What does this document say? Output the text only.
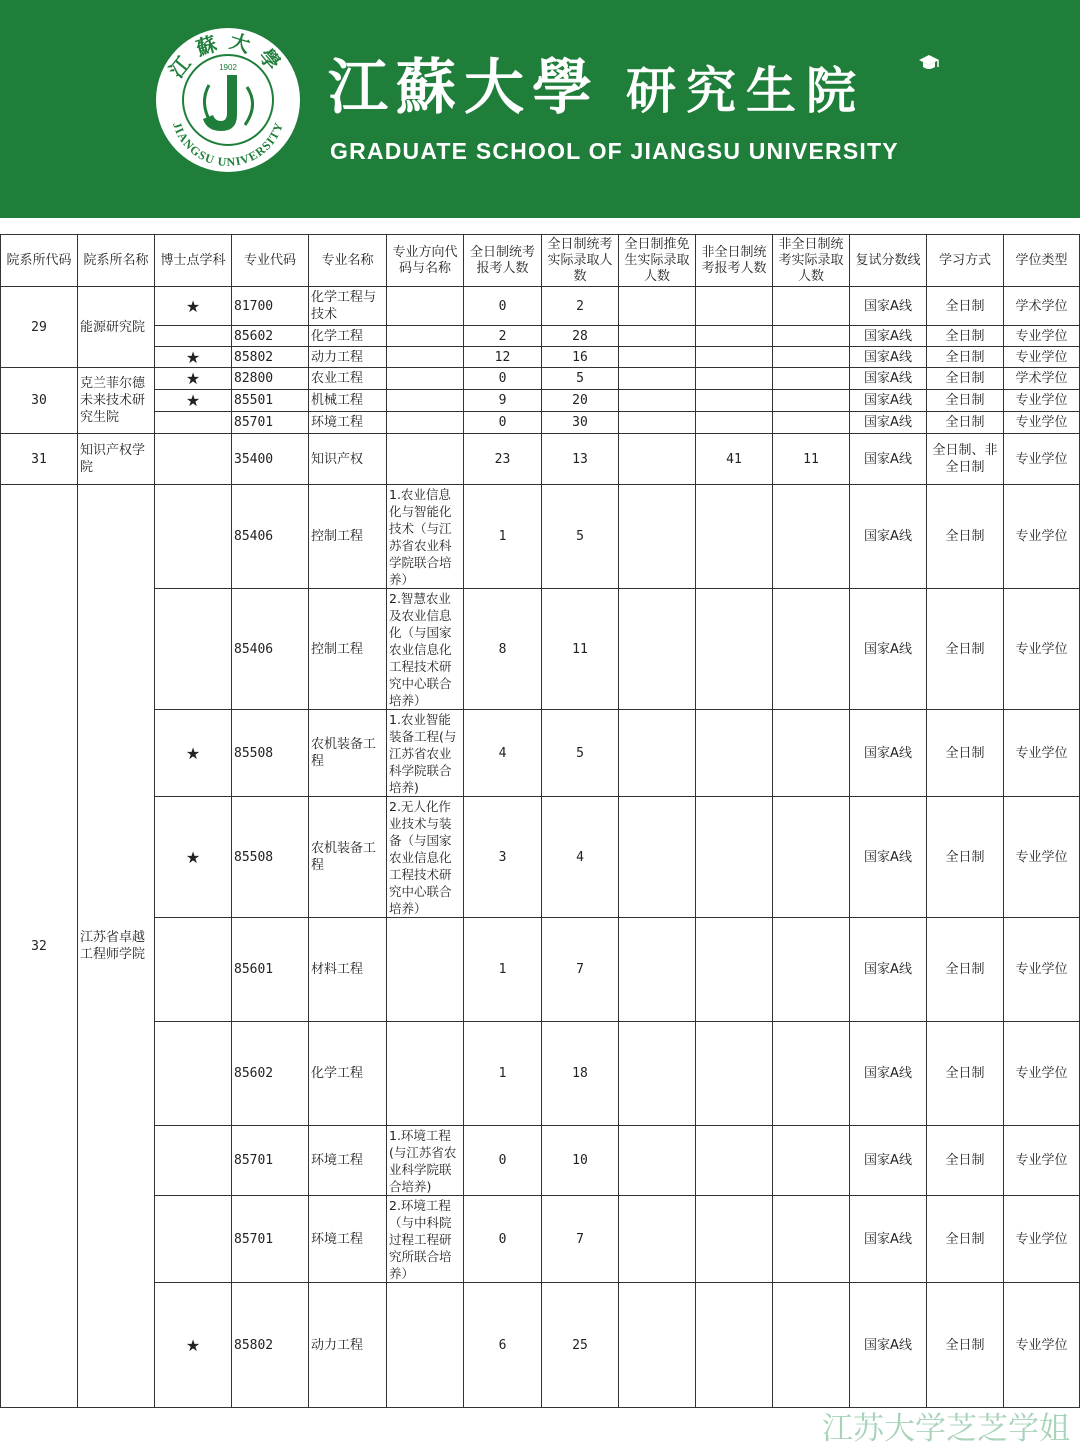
江蘇大學
JIANGSU UNIVERSITY
1902 江蘇大學 研究生院
GRADUATE SCHOOL OF JIANGSU UNIVERSITY
院系所代码	院系所名称	博士点学科	专业代码	专业名称	专业方向代码与名称	全日制统考报考人数	全日制统考实际录取人数	全日制推免生实际录取人数	非全日制统考报考人数	非全日制统考实际录取人数	复试分数线	学习方式	学位类型
29	能源研究院	★	81700	化学工程与技术		0	2				国家A线	全日制	学术学位
			85602	化学工程		2	28				国家A线	全日制	专业学位
		★	85802	动力工程		12	16				国家A线	全日制	专业学位
30	克兰菲尔德未来技术研究生院	★	82800	农业工程		0	5				国家A线	全日制	学术学位
		★	85501	机械工程		9	20				国家A线	全日制	专业学位
			85701	环境工程		0	30				国家A线	全日制	专业学位
31	知识产权学院		35400	知识产权		23	13		41	11	国家A线	全日制、非全日制	专业学位
32	江苏省卓越工程师学院		85406	控制工程	1.农业信息化与智能化技术（与江苏省农业科学院联合培养）	1	5				国家A线	全日制	专业学位
			85406	控制工程	2.智慧农业及农业信息化（与国家农业信息化工程技术研究中心联合培养）	8	11				国家A线	全日制	专业学位
		★	85508	农机装备工程	1.农业智能装备工程(与江苏省农业科学院联合培养)	4	5				国家A线	全日制	专业学位
		★	85508	农机装备工程	2.无人化作业技术与装备（与国家农业信息化工程技术研究中心联合培养）	3	4				国家A线	全日制	专业学位
			85601	材料工程		1	7				国家A线	全日制	专业学位
			85602	化学工程		1	18				国家A线	全日制	专业学位
			85701	环境工程	1.环境工程(与江苏省农业科学院联合培养)	0	10				国家A线	全日制	专业学位
			85701	环境工程	2.环境工程（与中科院过程工程研究所联合培养）	0	7				国家A线	全日制	专业学位
		★	85802	动力工程		6	25				国家A线	全日制	专业学位
江苏大学芝芝学姐
